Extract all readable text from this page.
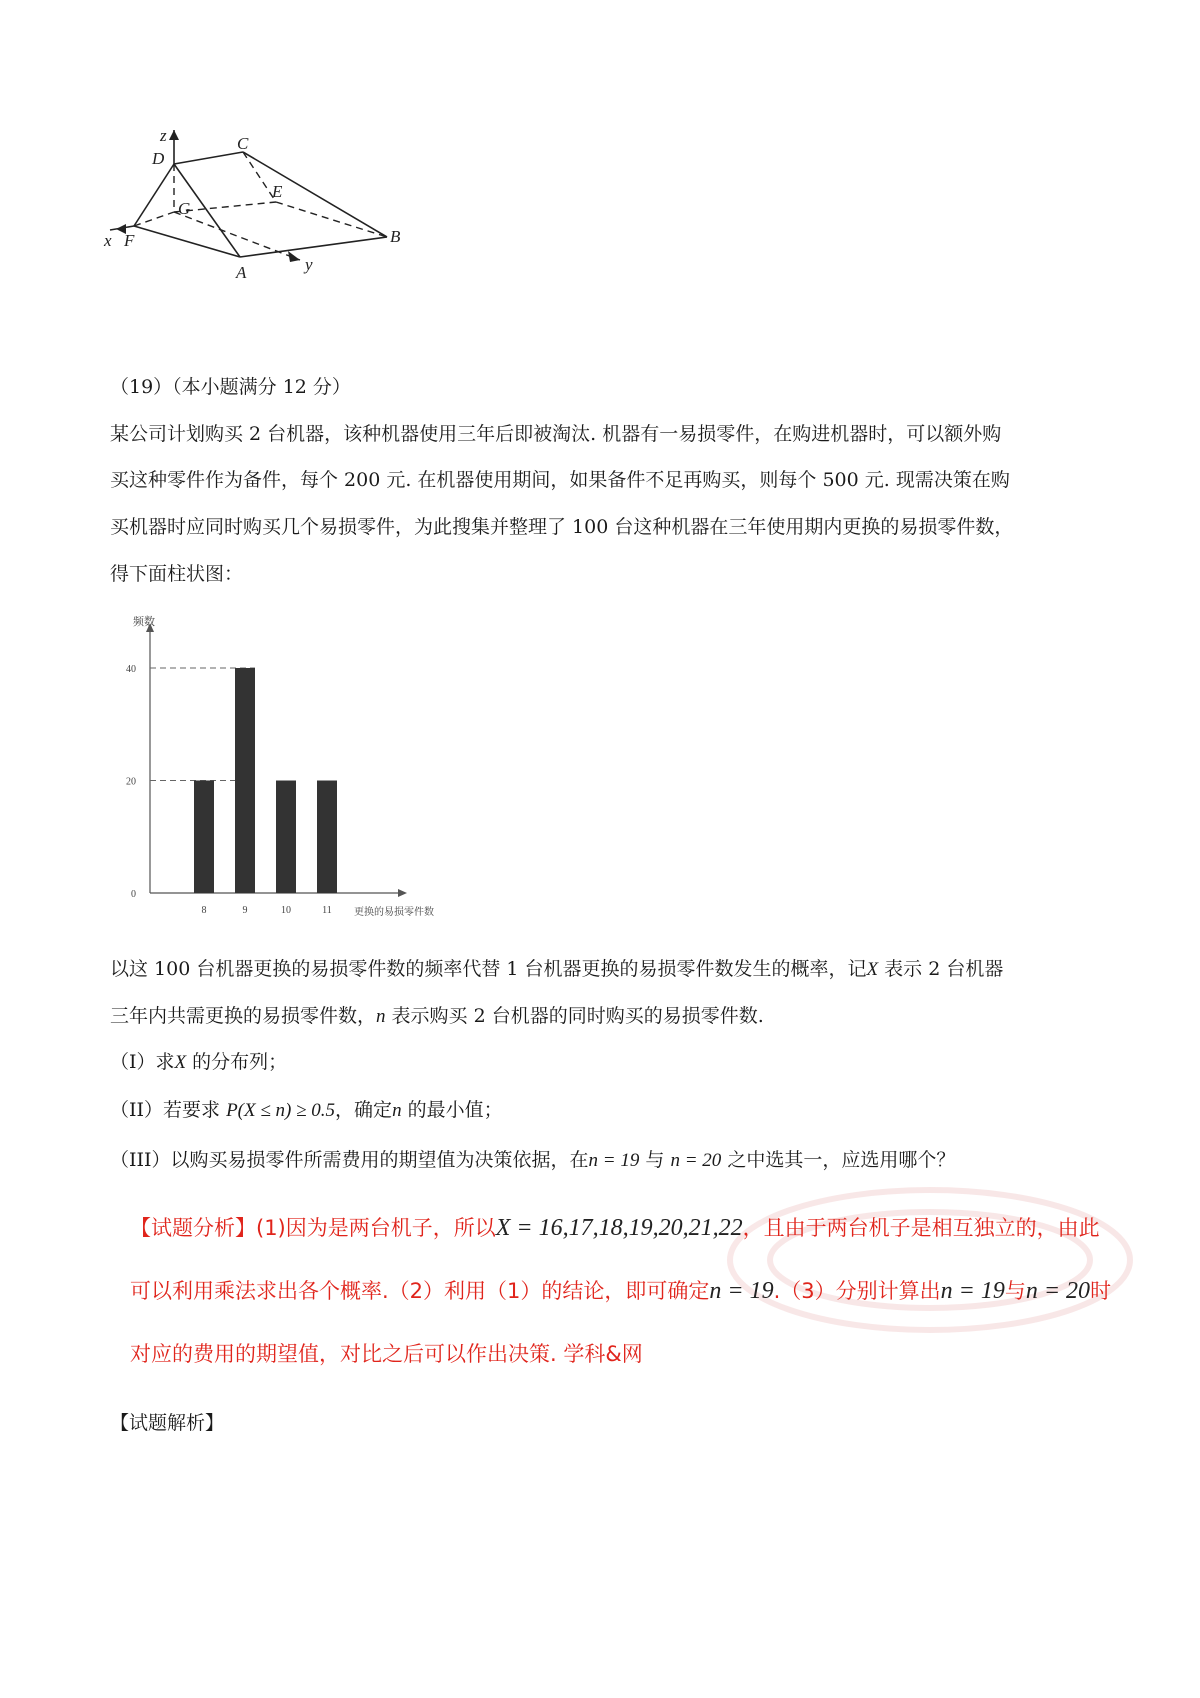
z
D
C
E
G
F
x
A	y
B
（19）（本小题满分 12 分）
某公司计划购买 2 台机器，该种机器使用三年后即被淘汰. 机器有一易损零件，在购进机器时，可以额外购
买这种零件作为备件，每个 200 元. 在机器使用期间，如果备件不足再购买，则每个 500 元. 现需决策在购
买机器时应同时购买几个易损零件，为此搜集并整理了 100 台这种机器在三年使用期内更换的易损零件数，
得下面柱状图：
0
20
40
8	9	10	11
频数
更换的易损零件数
以这 100 台机器更换的易损零件数的频率代替 1 台机器更换的易损零件数发生的概率，记X 表示 2 台机器
三年内共需更换的易损零件数，n 表示购买 2 台机器的同时购买的易损零件数.
（I）求X 的分布列；
（II）若要求 P(X ≤ n) ≥ 0.5，确定n 的最小值；
（III）以购买易损零件所需费用的期望值为决策依据，在n = 19 与 n = 20 之中选其一，应选用哪个？
【试题分析】(1)因为是两台机子，所以X = 16,17,18,19,20,21,22，且由于两台机子是相互独立的，由此
可以利用乘法求出各个概率.（2）利用（1）的结论，即可确定n = 19.（3）分别计算出n = 19与n = 20时
对应的费用的期望值，对比之后可以作出决策. 学科&网
【试题解析】
